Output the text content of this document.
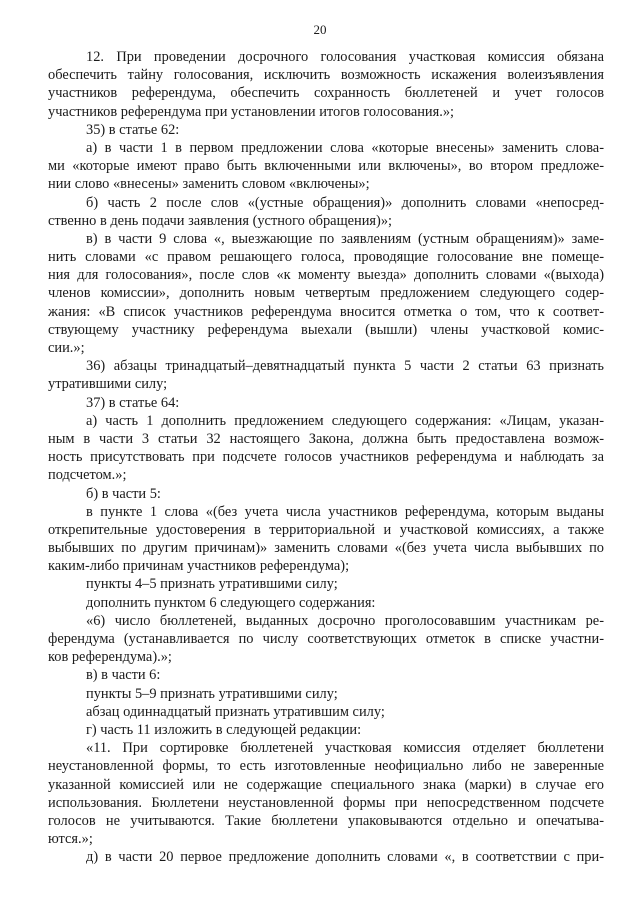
20
12. При проведении досрочного голосования участковая комиссия обязана
обеспечить тайну голосования, исключить возможность искажения волеизъявления
участников референдума, обеспечить сохранность бюллетеней и учет голосов
участников референдума при установлении итогов голосования.»;
35) в статье 62:
а) в части 1 в первом предложении слова «которые внесены» заменить слова-
ми «которые имеют право быть включенными или включены», во втором предложе-
нии слово «внесены» заменить словом «включены»;
б) часть 2 после слов «(устные обращения)» дополнить словами «непосред-
ственно в день подачи заявления (устного обращения)»;
в) в части 9 слова «, выезжающие по заявлениям (устным обращениям)» заме-
нить словами «с правом решающего голоса, проводящие голосование вне помеще-
ния для голосования», после слов «к моменту выезда» дополнить словами «(выхода)
членов комиссии», дополнить новым четвертым предложением следующего содер-
жания: «В список участников референдума вносится отметка о том, что к соответ-
ствующему участнику референдума выехали (вышли) члены участковой комис-
сии.»;
36) абзацы тринадцатый–девятнадцатый пункта 5 части 2 статьи 63 признать
утратившими силу;
37) в статье 64:
а) часть 1 дополнить предложением следующего содержания: «Лицам, указан-
ным в части 3 статьи 32 настоящего Закона, должна быть предоставлена возмож-
ность присутствовать при подсчете голосов участников референдума и наблюдать за
подсчетом.»;
б) в части 5:
в пункте 1 слова «(без учета числа участников референдума, которым выданы
открепительные удостоверения в территориальной и участковой комиссиях, а также
выбывших по другим причинам)» заменить словами «(без учета числа выбывших по
каким-либо причинам участников референдума);
пункты 4–5 признать утратившими силу;
дополнить пунктом 6 следующего содержания:
«6) число бюллетеней, выданных досрочно проголосовавшим участникам ре-
ферендума (устанавливается по числу соответствующих отметок в списке участни-
ков референдума).»;
в) в части 6:
пункты 5–9 признать утратившими силу;
абзац одиннадцатый признать утратившим силу;
г) часть 11 изложить в следующей редакции:
«11. При сортировке бюллетеней участковая комиссия отделяет бюллетени
неустановленной формы, то есть изготовленные неофициально либо не заверенные
указанной комиссией или не содержащие специального знака (марки) в случае его
использования. Бюллетени неустановленной формы при непосредственном подсчете
голосов не учитываются. Такие бюллетени упаковываются отдельно и опечатыва-
ются.»;
д) в части 20 первое предложение дополнить словами «, в соответствии с при-
